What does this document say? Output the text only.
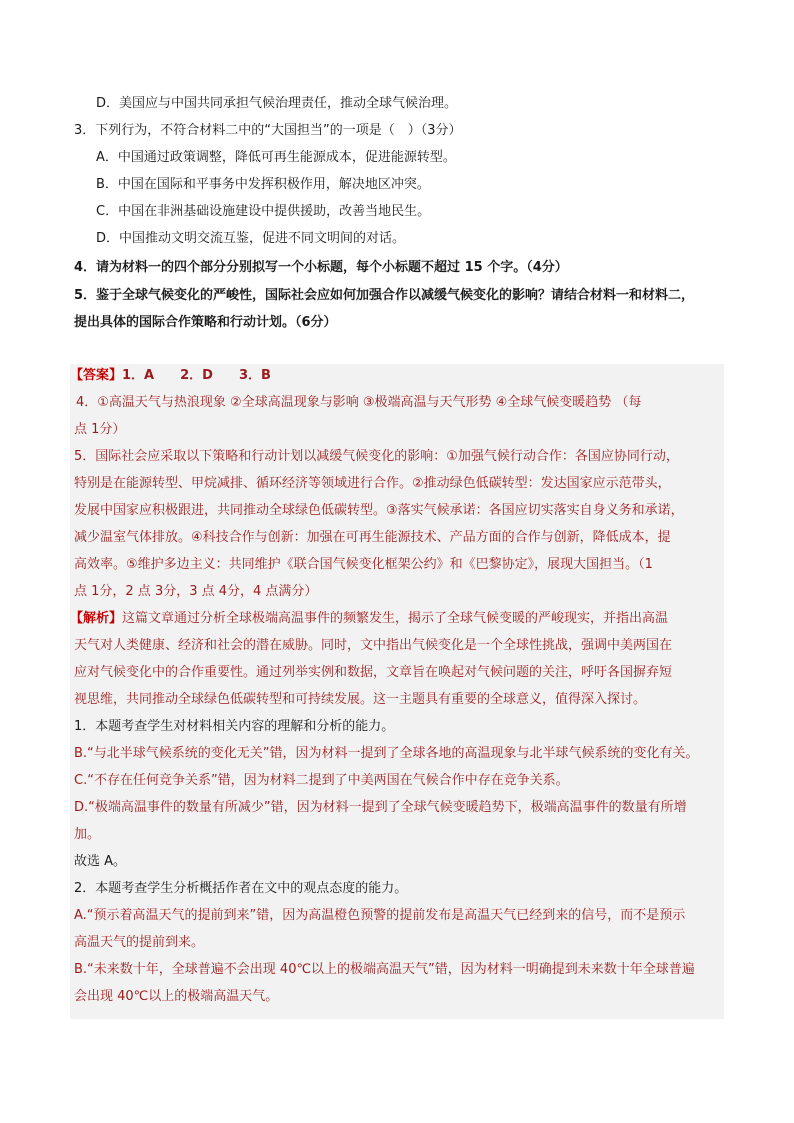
D．美国应与中国共同承担气候治理责任，推动全球气候治理。
3．下列行为，不符合材料二中的“大国担当”的一项是（　）（3分）
A．中国通过政策调整，降低可再生能源成本，促进能源转型。
B．中国在国际和平事务中发挥积极作用，解决地区冲突。
C．中国在非洲基础设施建设中提供援助，改善当地民生。
D．中国推动文明交流互鉴，促进不同文明间的对话。
4．请为材料一的四个部分分别拟写一个小标题，每个小标题不超过 15 个字。（4分）
5．鉴于全球气候变化的严峻性，国际社会应如何加强合作以减缓气候变化的影响？请结合材料一和材料二，
提出具体的国际合作策略和行动计划。（6分）
【答案】1．A　　2．D　　3．B
4．①高温天气与热浪现象 ②全球高温现象与影响 ③极端高温与天气形势 ④全球气候变暖趋势 （每
点 1分）
5．国际社会应采取以下策略和行动计划以减缓气候变化的影响：①加强气候行动合作：各国应协同行动，
特别是在能源转型、甲烷减排、循环经济等领域进行合作。②推动绿色低碳转型：发达国家应示范带头，
发展中国家应积极跟进，共同推动全球绿色低碳转型。③落实气候承诺：各国应切实落实自身义务和承诺，
减少温室气体排放。④科技合作与创新：加强在可再生能源技术、产品方面的合作与创新，降低成本，提
高效率。⑤维护多边主义：共同维护《联合国气候变化框架公约》和《巴黎协定》，展现大国担当。（1
点 1分，2 点 3分，3 点 4分，4 点满分）
【解析】这篇文章通过分析全球极端高温事件的频繁发生，揭示了全球气候变暖的严峻现实，并指出高温
天气对人类健康、经济和社会的潜在威胁。同时，文中指出气候变化是一个全球性挑战，强调中美两国在
应对气候变化中的合作重要性。通过列举实例和数据，文章旨在唤起对气候问题的关注，呼吁各国摒弃短
视思维，共同推动全球绿色低碳转型和可持续发展。这一主题具有重要的全球意义，值得深入探讨。
1．本题考查学生对材料相关内容的理解和分析的能力。
B.“与北半球气候系统的变化无关”错，因为材料一提到了全球各地的高温现象与北半球气候系统的变化有关。
C.“不存在任何竞争关系”错，因为材料二提到了中美两国在气候合作中存在竞争关系。
D.“极端高温事件的数量有所减少”错，因为材料一提到了全球气候变暖趋势下，极端高温事件的数量有所增
加。
故选 A。
2．本题考查学生分析概括作者在文中的观点态度的能力。
A.“预示着高温天气的提前到来”错，因为高温橙色预警的提前发布是高温天气已经到来的信号，而不是预示
高温天气的提前到来。
B.“未来数十年，全球普遍不会出现 40℃以上的极端高温天气”错，因为材料一明确提到未来数十年全球普遍
会出现 40℃以上的极端高温天气。
